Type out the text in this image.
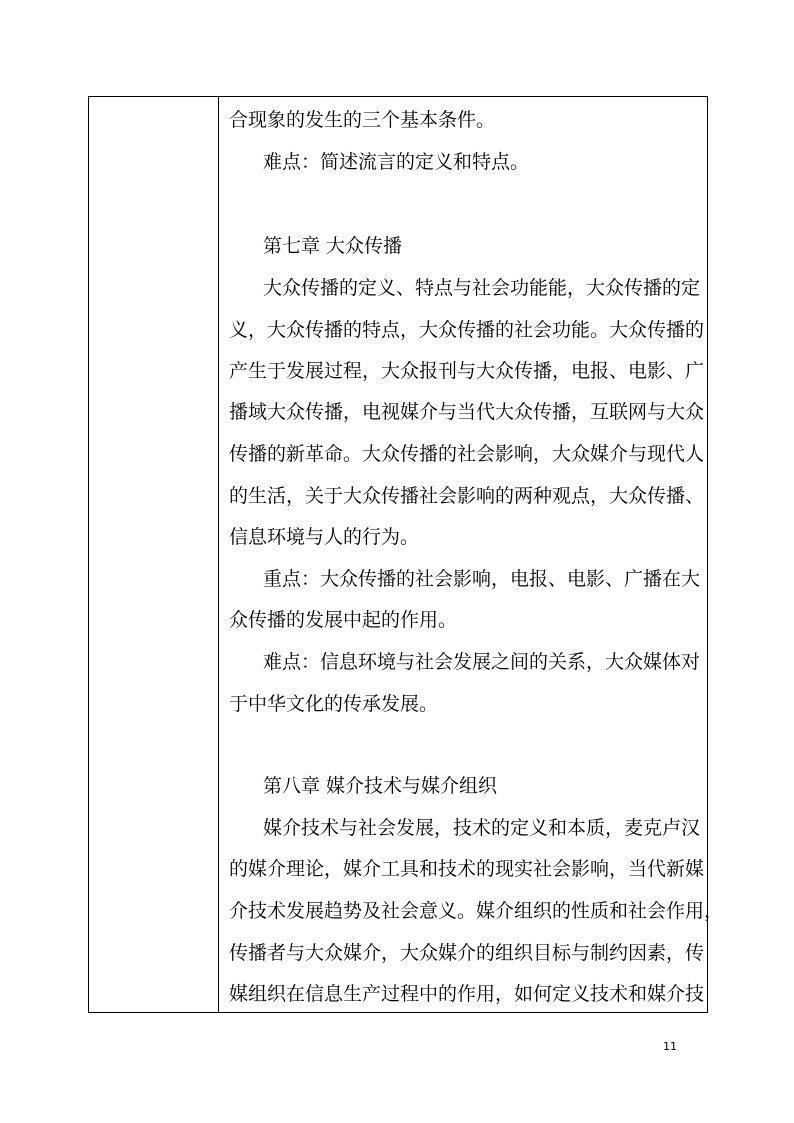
合现象的发生的三个基本条件。
难点：简述流言的定义和特点。
第七章 大众传播
大众传播的定义、特点与社会功能能，大众传播的定
义，大众传播的特点，大众传播的社会功能。大众传播的
产生于发展过程，大众报刊与大众传播，电报、电影、广
播域大众传播，电视媒介与当代大众传播，互联网与大众
传播的新革命。大众传播的社会影响，大众媒介与现代人
的生活，关于大众传播社会影响的两种观点，大众传播、
信息环境与人的行为。
重点：大众传播的社会影响，电报、电影、广播在大
众传播的发展中起的作用。
难点：信息环境与社会发展之间的关系，大众媒体对
于中华文化的传承发展。
第八章 媒介技术与媒介组织
媒介技术与社会发展，技术的定义和本质，麦克卢汉
的媒介理论，媒介工具和技术的现实社会影响，当代新媒
介技术发展趋势及社会意义。媒介组织的性质和社会作用，
传播者与大众媒介，大众媒介的组织目标与制约因素，传
媒组织在信息生产过程中的作用，如何定义技术和媒介技
11
